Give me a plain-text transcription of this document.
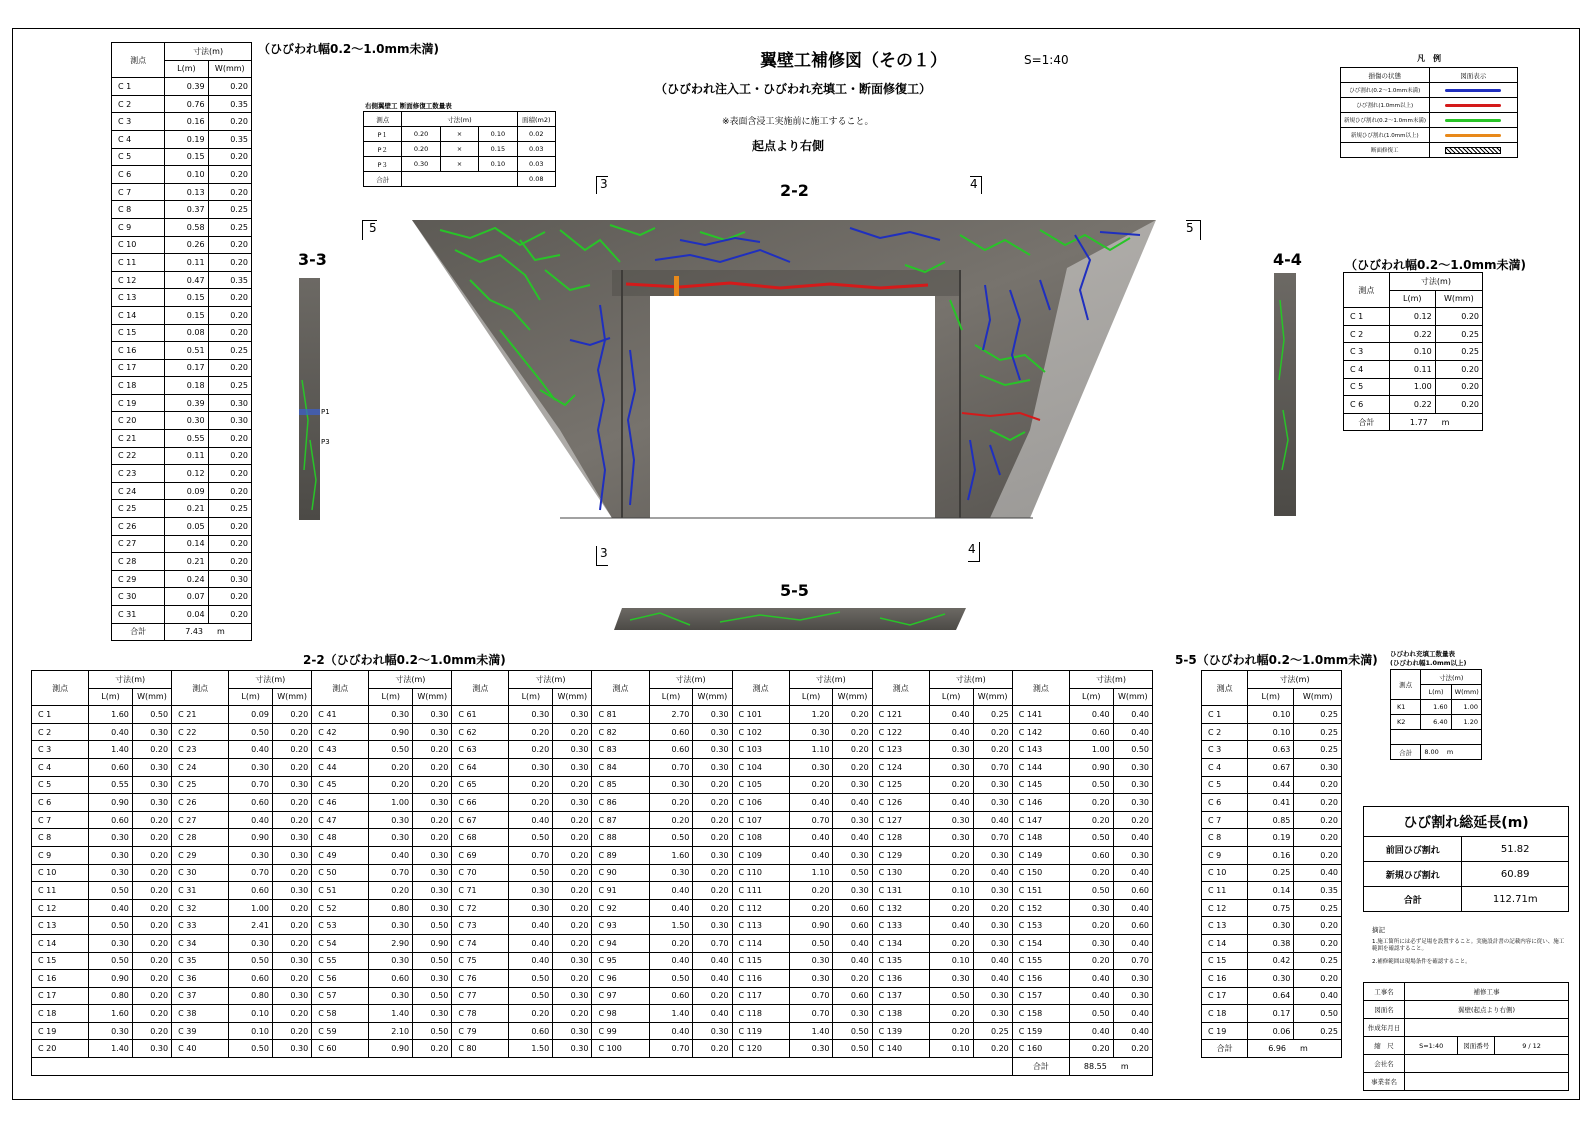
翼壁工補修図（その１）	S=1:40
（ひびわれ注入工・ひびわれ充填工・断面修復工）
※表面含浸工実施前に施工すること。
起点より右側
（ひびわれ幅0.2～1.0mm未満)
測点	寸法(m)	
	L(m)	W(mm)
C 1	0.39	0.20
C 2	0.76	0.35
C 3	0.16	0.20
C 4	0.19	0.35
C 5	0.15	0.20
C 6	0.10	0.20
C 7	0.13	0.20
C 8	0.37	0.25
C 9	0.58	0.25
C 10	0.26	0.20
C 11	0.11	0.20
C 12	0.47	0.35
C 13	0.15	0.20
C 14	0.15	0.20
C 15	0.08	0.20
C 16	0.51	0.25
C 17	0.17	0.20
C 18	0.18	0.25
C 19	0.39	0.30
C 20	0.30	0.30
C 21	0.55	0.20
C 22	0.11	0.20
C 23	0.12	0.20
C 24	0.09	0.20
C 25	0.21	0.25
C 26	0.05	0.20
C 27	0.14	0.20
C 28	0.21	0.20
C 29	0.24	0.30
C 30	0.07	0.20
C 31	0.04	0.20
合計	7.43 m	
右側翼壁工 断面修復工数量表
測点	寸法(m)			面積(m2)
P１	0.20	×	0.10	0.02
P２	0.20	×	0.15	0.03
P３	0.30	×	0.10	0.03
合計				0.08
凡　例
損傷の状態	図面表示
ひび割れ(0.2～1.0mm未満)	

ひび割れ(1.0mm以上)	

新規ひび割れ(0.2～1.0mm未満)	

新規ひび割れ(1.0mm以上)	

断面修復工	
3	4
5	5
3	4
2-2
3-3	4-4
5-5
P1
P3
（ひびわれ幅0.2～1.0mm未満)
測点	寸法(m)	
	L(m)	W(mm)
C 1	0.12	0.20
C 2	0.22	0.25
C 3	0.10	0.25
C 4	0.11	0.20
C 5	1.00	0.20
C 6	0.22	0.20
合計	1.77 m	
2-2（ひびわれ幅0.2～1.0mm未満)
測点	寸法(m)		測点	寸法(m)		測点	寸法(m)		測点	寸法(m)		測点	寸法(m)		測点	寸法(m)		測点	寸法(m)		測点	寸法(m)	
	L(m)	W(mm)		L(m)	W(mm)		L(m)	W(mm)		L(m)	W(mm)		L(m)	W(mm)		L(m)	W(mm)		L(m)	W(mm)		L(m)	W(mm)
C 1	1.60	0.50	C 21	0.09	0.20	C 41	0.30	0.30	C 61	0.30	0.30	C 81	2.70	0.30	C 101	1.20	0.20	C 121	0.40	0.25	C 141	0.40	0.40
C 2	0.40	0.30	C 22	0.50	0.20	C 42	0.90	0.30	C 62	0.20	0.20	C 82	0.60	0.30	C 102	0.30	0.20	C 122	0.40	0.20	C 142	0.60	0.40
C 3	1.40	0.20	C 23	0.40	0.20	C 43	0.50	0.20	C 63	0.20	0.30	C 83	0.60	0.30	C 103	1.10	0.20	C 123	0.30	0.20	C 143	1.00	0.50
C 4	0.60	0.30	C 24	0.30	0.20	C 44	0.20	0.20	C 64	0.30	0.30	C 84	0.70	0.30	C 104	0.30	0.20	C 124	0.30	0.70	C 144	0.90	0.30
C 5	0.55	0.30	C 25	0.70	0.30	C 45	0.20	0.20	C 65	0.20	0.20	C 85	0.30	0.20	C 105	0.20	0.30	C 125	0.20	0.30	C 145	0.50	0.30
C 6	0.90	0.30	C 26	0.60	0.20	C 46	1.00	0.30	C 66	0.20	0.30	C 86	0.20	0.20	C 106	0.40	0.40	C 126	0.40	0.30	C 146	0.20	0.30
C 7	0.60	0.20	C 27	0.40	0.20	C 47	0.30	0.20	C 67	0.40	0.20	C 87	0.20	0.20	C 107	0.70	0.30	C 127	0.30	0.40	C 147	0.20	0.20
C 8	0.30	0.20	C 28	0.90	0.30	C 48	0.30	0.20	C 68	0.50	0.20	C 88	0.50	0.20	C 108	0.40	0.40	C 128	0.30	0.70	C 148	0.50	0.40
C 9	0.30	0.20	C 29	0.30	0.30	C 49	0.40	0.30	C 69	0.70	0.20	C 89	1.60	0.30	C 109	0.40	0.30	C 129	0.20	0.30	C 149	0.60	0.30
C 10	0.30	0.20	C 30	0.70	0.20	C 50	0.70	0.30	C 70	0.50	0.20	C 90	0.30	0.20	C 110	1.10	0.50	C 130	0.20	0.40	C 150	0.20	0.40
C 11	0.50	0.20	C 31	0.60	0.30	C 51	0.20	0.30	C 71	0.30	0.20	C 91	0.40	0.20	C 111	0.20	0.30	C 131	0.10	0.30	C 151	0.50	0.60
C 12	0.40	0.20	C 32	1.00	0.20	C 52	0.80	0.30	C 72	0.30	0.20	C 92	0.40	0.20	C 112	0.20	0.60	C 132	0.20	0.20	C 152	0.30	0.40
C 13	0.50	0.20	C 33	2.41	0.20	C 53	0.30	0.50	C 73	0.40	0.20	C 93	1.50	0.30	C 113	0.90	0.60	C 133	0.40	0.30	C 153	0.20	0.60
C 14	0.30	0.20	C 34	0.30	0.20	C 54	2.90	0.90	C 74	0.40	0.20	C 94	0.20	0.70	C 114	0.50	0.40	C 134	0.20	0.30	C 154	0.30	0.40
C 15	0.50	0.20	C 35	0.50	0.30	C 55	0.30	0.50	C 75	0.40	0.30	C 95	0.40	0.40	C 115	0.30	0.40	C 135	0.10	0.40	C 155	0.20	0.70
C 16	0.90	0.20	C 36	0.60	0.20	C 56	0.60	0.30	C 76	0.50	0.20	C 96	0.50	0.40	C 116	0.30	0.20	C 136	0.30	0.40	C 156	0.40	0.30
C 17	0.80	0.20	C 37	0.80	0.30	C 57	0.30	0.50	C 77	0.50	0.30	C 97	0.60	0.20	C 117	0.70	0.60	C 137	0.50	0.30	C 157	0.40	0.30
C 18	1.60	0.20	C 38	0.10	0.20	C 58	1.40	0.30	C 78	0.20	0.20	C 98	1.40	0.40	C 118	0.70	0.30	C 138	0.20	0.30	C 158	0.50	0.40
C 19	0.30	0.20	C 39	0.10	0.20	C 59	2.10	0.50	C 79	0.60	0.30	C 99	0.40	0.30	C 119	1.40	0.50	C 139	0.20	0.25	C 159	0.40	0.40
C 20	1.40	0.30	C 40	0.50	0.30	C 60	0.90	0.20	C 80	1.50	0.30	C 100	0.70	0.20	C 120	0.30	0.50	C 140	0.10	0.20	C 160	0.20	0.20
																					合計	88.55 m	
5-5（ひびわれ幅0.2～1.0mm未満)
測点	寸法(m)	
	L(m)	W(mm)
C 1	0.10	0.25
C 2	0.10	0.25
C 3	0.63	0.25
C 4	0.67	0.30
C 5	0.44	0.20
C 6	0.41	0.20
C 7	0.85	0.20
C 8	0.19	0.20
C 9	0.16	0.20
C 10	0.25	0.40
C 11	0.14	0.35
C 12	0.75	0.25
C 13	0.30	0.20
C 14	0.38	0.20
C 15	0.42	0.25
C 16	0.30	0.20
C 17	0.64	0.40
C 18	0.17	0.50
C 19	0.06	0.25
合計	6.96 m	
ひびわれ充填工数量表
(ひびわれ幅1.0mm以上)
測点	寸法(m)	
	L(m)	W(mm)
K1	1.60	1.00
K2	6.40	1.20

合計	8.00 m	
ひび割れ総延長(m)	
前回ひび割れ	51.82
新規ひび割れ	60.89
合計	112.71m
摘記
1.施工箇所には必ず足場を設置すること。実施設計書の記載内容に従い、施工範囲を確認すること。
2.補修範囲は現場条件を確認すること。
工事名	補修工事		
図面名	翼壁(起点より右側)		
作成年月日			
縮　尺	S=1:40	図面番号	9 / 12
会社名			
事業者名			
